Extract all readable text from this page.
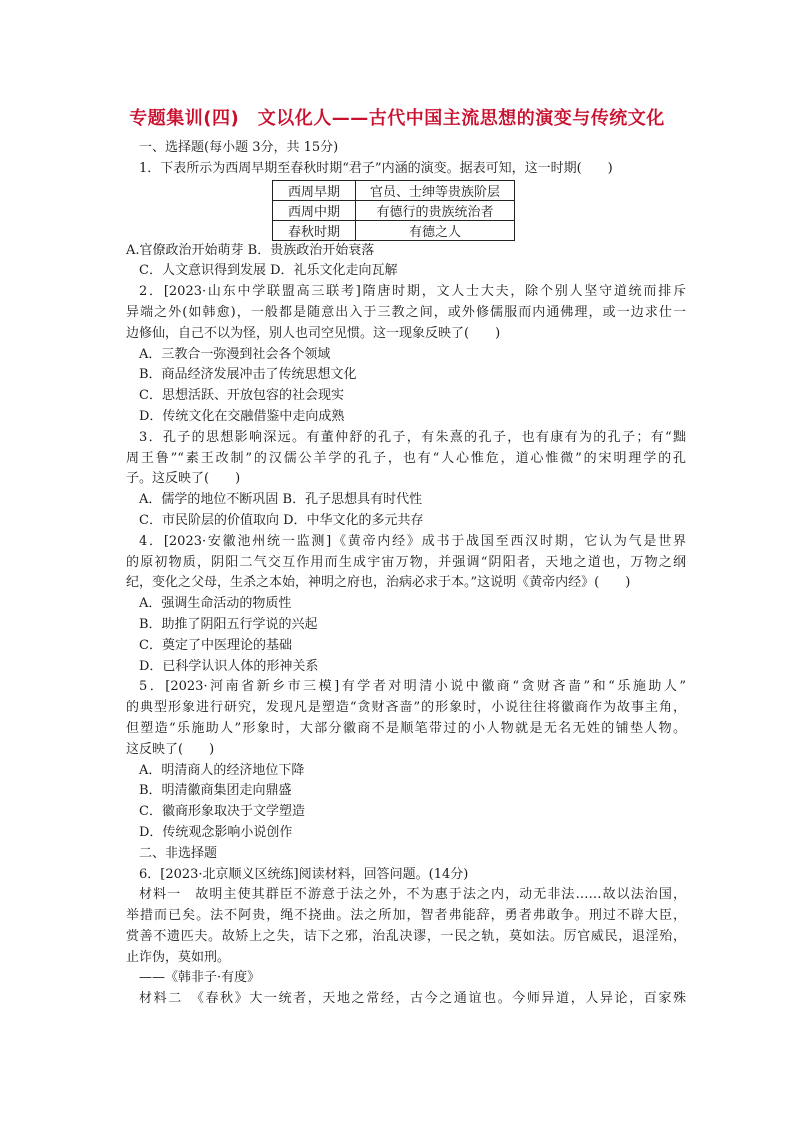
专题集训(四)　文以化人——古代中国主流思想的演变与传统文化
一、选择题(每小题 3分，共 15分)
1．下表所示为西周早期至春秋时期“君子”内涵的演变。据表可知，这一时期(　　)
西周早期	官员、士绅等贵族阶层
西周中期	有德行的贵族统治者
春秋时期	有德之人
A.官僚政治开始萌芽 B．贵族政治开始衰落
C．人文意识得到发展 D．礼乐文化走向瓦解
2．[2023·山东中学联盟高三联考]隋唐时期，文人士大夫，除个别人坚守道统而排斥
异端之外(如韩愈)，一般都是随意出入于三教之间，或外修儒服而内通佛理，或一边求仕一
边修仙，自己不以为怪，别人也司空见惯。这一现象反映了(　　)
A．三教合一弥漫到社会各个领域
B．商品经济发展冲击了传统思想文化
C．思想活跃、开放包容的社会现实
D．传统文化在交融借鉴中走向成熟
3．孔子的思想影响深远。有董仲舒的孔子，有朱熹的孔子，也有康有为的孔子；有“黜
周王鲁”“素王改制”的汉儒公羊学的孔子，也有“人心惟危，道心惟微”的宋明理学的孔
子。这反映了(　　)
A．儒学的地位不断巩固 B．孔子思想具有时代性
C．市民阶层的价值取向 D．中华文化的多元共存
4．[2023·安徽池州统一监测]《黄帝内经》成书于战国至西汉时期，它认为气是世界
的原初物质，阴阳二气交互作用而生成宇宙万物，并强调“阴阳者，天地之道也，万物之纲
纪，变化之父母，生杀之本始，神明之府也，治病必求于本。”这说明《黄帝内经》(　　)
A．强调生命活动的物质性
B．助推了阴阳五行学说的兴起
C．奠定了中医理论的基础
D．已科学认识人体的形神关系
5．[2023·河南省新乡市三模]有学者对明清小说中徽商“贪财吝啬”和“乐施助人”
的典型形象进行研究，发现凡是塑造“贪财吝啬”的形象时，小说往往将徽商作为故事主角，
但塑造“乐施助人”形象时，大部分徽商不是顺笔带过的小人物就是无名无姓的铺垫人物。
这反映了(　　)
A．明清商人的经济地位下降
B．明清徽商集团走向鼎盛
C．徽商形象取决于文学塑造
D．传统观念影响小说创作
二、非选择题
6．[2023·北京顺义区统练]阅读材料，回答问题。(14分)
材料一　故明主使其群臣不游意于法之外，不为惠于法之内，动无非法……故以法治国，
举措而已矣。法不阿贵，绳不挠曲。法之所加，智者弗能辞，勇者弗敢争。刑过不辟大臣，
赏善不遗匹夫。故矫上之失，诘下之邪，治乱决谬，一民之轨，莫如法。厉官威民，退淫殆，
止诈伪，莫如刑。
——《韩非子·有度》
材料二　《春秋》大一统者，天地之常经，古今之通谊也。今师异道，人异论，百家殊
